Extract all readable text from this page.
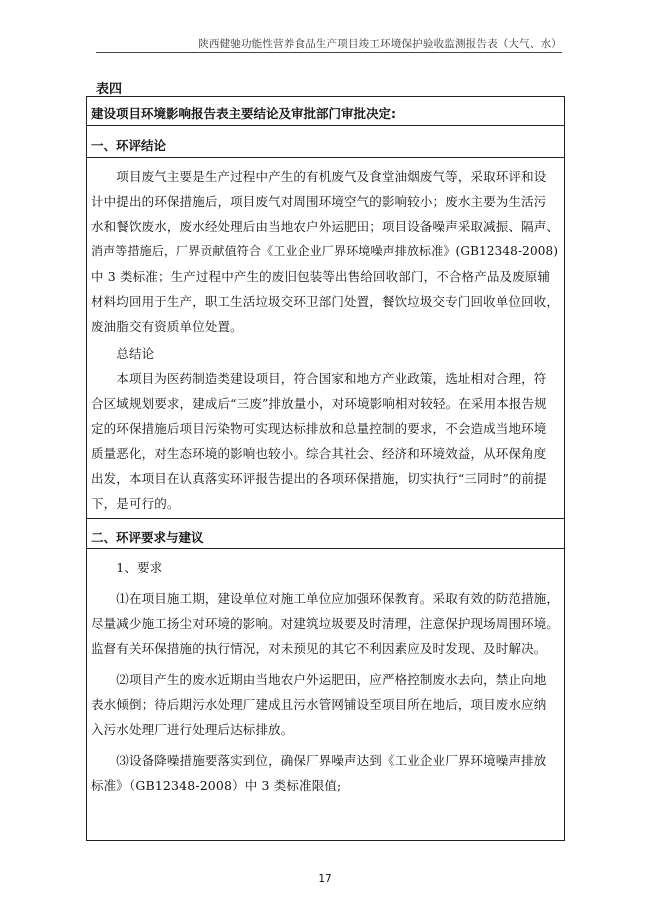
陕西健驰功能性营养食品生产项目竣工环境保护验收监测报告表（大气、水）
表四
建设项目环境影响报告表主要结论及审批部门审批决定:
一、环评结论
　　项目废气主要是生产过程中产生的有机废气及食堂油烟废气等，采取环评和设
计中提出的环保措施后，项目废气对周围环境空气的影响较小；废水主要为生活污
水和餐饮废水，废水经处理后由当地农户外运肥田；项目设备噪声采取减振、隔声、
消声等措施后，厂界贡献值符合《工业企业厂界环境噪声排放标准》(GB12348-2008)
中 3 类标准；生产过程中产生的废旧包装等出售给回收部门，不合格产品及废原辅
材料均回用于生产，职工生活垃圾交环卫部门处置，餐饮垃圾交专门回收单位回收，
废油脂交有资质单位处置。
　　总结论
　　本项目为医药制造类建设项目，符合国家和地方产业政策，选址相对合理，符
合区域规划要求，建成后“三废”排放量小，对环境影响相对较轻。在采用本报告规
定的环保措施后项目污染物可实现达标排放和总量控制的要求，不会造成当地环境
质量恶化，对生态环境的影响也较小。综合其社会、经济和环境效益，从环保角度
出发，本项目在认真落实环评报告提出的各项环保措施，切实执行“三同时”的前提
下，是可行的。
二、环评要求与建议
　　1、要求
　　⑴在项目施工期，建设单位对施工单位应加强环保教育。采取有效的防范措施，
尽量减少施工扬尘对环境的影响。对建筑垃圾要及时清理，注意保护现场周围环境。
监督有关环保措施的执行情况，对未预见的其它不利因素应及时发现、及时解决。
　　⑵项目产生的废水近期由当地农户外运肥田，应严格控制废水去向，禁止向地
表水倾倒；待后期污水处理厂建成且污水管网铺设至项目所在地后，项目废水应纳
入污水处理厂进行处理后达标排放。
　　⑶设备降噪措施要落实到位，确保厂界噪声达到《工业企业厂界环境噪声排放
标准》（GB12348-2008）中 3 类标准限值;
17
